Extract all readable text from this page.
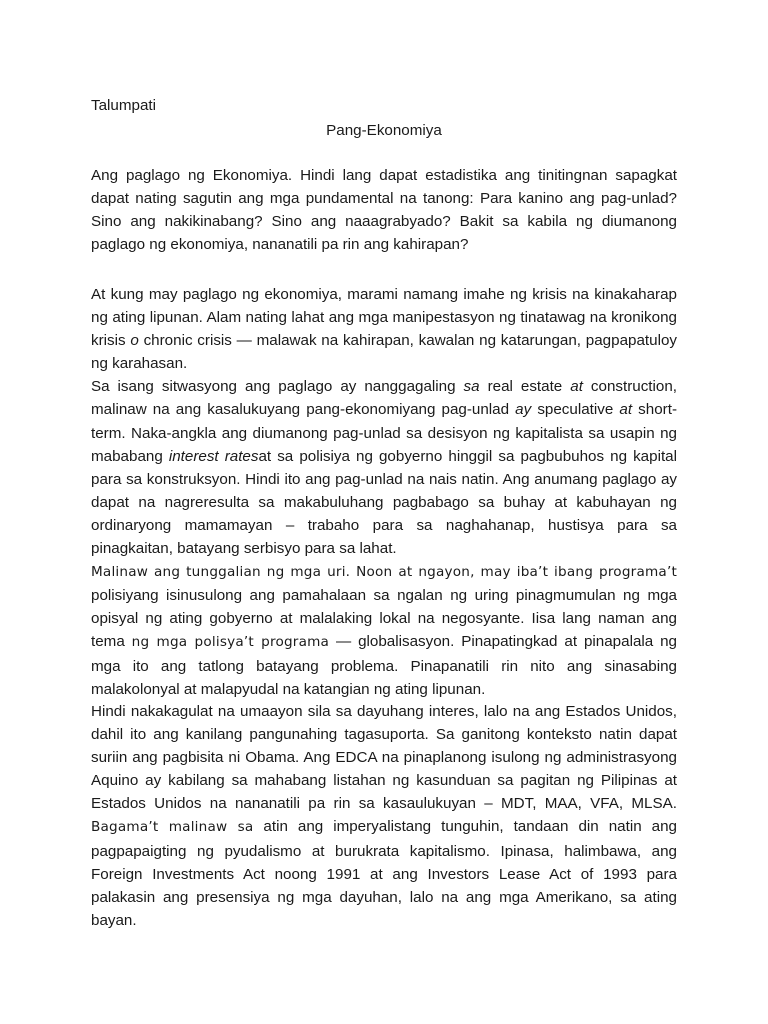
Talumpati

Pang-Ekonomiya

Ang paglago ng Ekonomiya. Hindi lang dapat estadistika ang tinitingnan sapagkat dapat nating sagutin ang mga pundamental na tanong: Para kanino ang pag-unlad? Sino ang nakikinabang? Sino ang naaagrabyado? Bakit sa kabila ng diumanong paglago ng ekonomiya, nananatili pa rin ang kahirapan?

At kung may paglago ng ekonomiya, marami namang imahe ng krisis na kinakaharap ng ating lipunan. Alam nating lahat ang mga manipestasyon ng tinatawag na kronikong krisis o chronic crisis — malawak na kahirapan, kawalan ng katarungan, pagpapatuloy ng karahasan.
Sa isang sitwasyong ang paglago ay nanggagaling sa real estate at construction, malinaw na ang kasalukuyang pang-ekonomiyang pag-unlad ay speculative at short-term. Naka-angkla ang diumanong pag-unlad sa desisyon ng kapitalista sa usapin ng mababang interest ratesat sa polisiya ng gobyerno hinggil sa pagbubuhos ng kapital para sa konstruksyon. Hindi ito ang pag-unlad na nais natin. Ang anumang paglago ay dapat na nagreresulta sa makabuluhang pagbabago sa buhay at kabuhayan ng ordinaryong mamamayan – trabaho para sa naghahanap, hustisya para sa pinagkaitan, batayang serbisyo para sa lahat.
Malinaw ang tunggalian ng mga uri. Noon at ngayon, may iba’t ibang programa’t polisiyang isinusulong ang pamahalaan sa ngalan ng uring pinagmumulan ng mga opisyal ng ating gobyerno at malalaking lokal na negosyante. Iisa lang naman ang tema ng mga polisya’t programa — globalisasyon. Pinapatingkad at pinapalala ng mga ito ang tatlong batayang problema. Pinapanatili rin nito ang sinasabing malakolonyal at malapyudal na katangian ng ating lipunan.
Hindi nakakagulat na umaayon sila sa dayuhang interes, lalo na ang Estados Unidos, dahil ito ang kanilang pangunahing tagasuporta. Sa ganitong konteksto natin dapat suriin ang pagbisita ni Obama. Ang EDCA na pinaplanong isulong ng administrasyong Aquino ay kabilang sa mahabang listahan ng kasunduan sa pagitan ng Pilipinas at Estados Unidos na nananatili pa rin sa kasaulukuyan – MDT, MAA, VFA, MLSA. Bagama’t malinaw sa atin ang imperyalistang tunguhin, tandaan din natin ang pagpapaigting ng pyudalismo at burukrata kapitalismo. Ipinasa, halimbawa, ang Foreign Investments Act noong 1991 at ang Investors Lease Act of 1993 para palakasin ang presensiya ng mga dayuhan, lalo na ang mga Amerikano, sa ating bayan.
